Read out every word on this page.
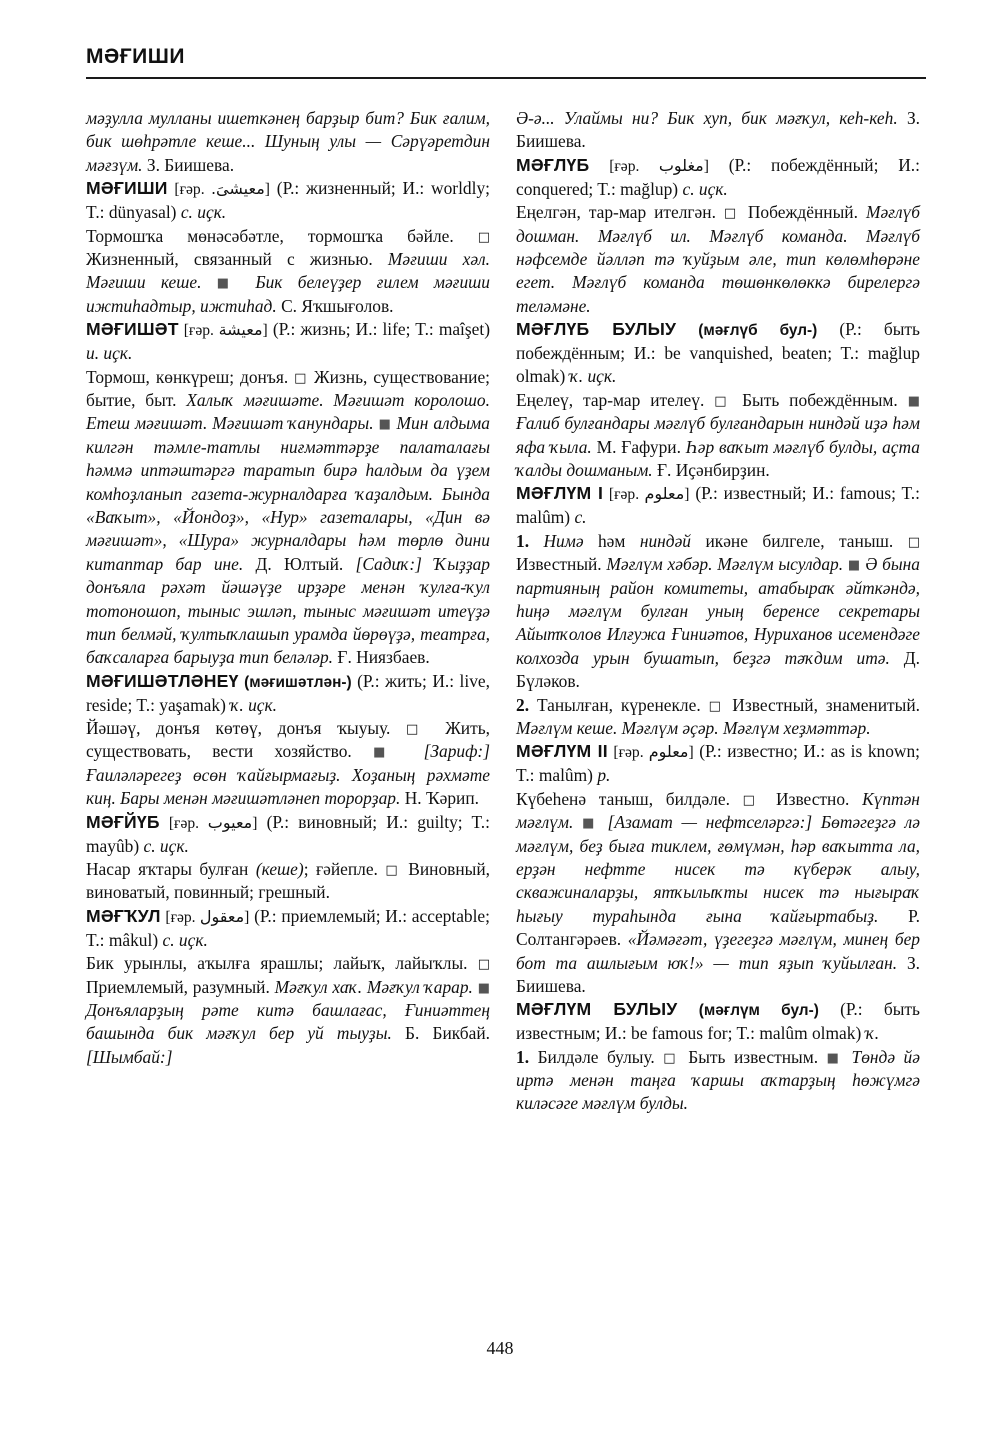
МӘҒИШИ

мәҙулла мулланы ишеткәнең барҙыр бит? Бик ғалим, бик шөһрәтле кеше... Шуның улы — Сәрүәретдин мәғзүм. З. Биишева.

МӘҒИШИ [ғәр. معيشىَ.] (Р.: жизненный; И.: worldly; T.: dünyasal) с. иҫк.

Тормошҡа мөнәсәбәтле, тормошҡа бәйле. □ Жизненный, связанный с жизнью. Мәғиши хәл. Мәғиши кеше. ■ Бик белеүҙер ғилем мәғиши ижтиһадтыр, ижтиһад. С. Яҡшығолов.

МӘҒИШӘТ [ғәр. معيشة] (Р.: жизнь; И.: life; T.: maîşet) и. иҫк.

Тормош, көнкүреш; донъя. □ Жизнь, существование; бытие, быт. Халыҡ мәғишәте. Мәғишәт королошо. Етеш мәғишәт. Мәғишәт ҡанундары. ■ Мин алдыма килгән тәмле-татлы ниғмәттәрҙе палаталағы һәммә иптәштәргә таратып бирә һалдым да үҙем комһоҙланып газета-журналдарға ҡаҙалдым. Бында «Ваҡыт», «Йондоҙ», «Нур» газеталары, «Дин вә мәғишәт», «Шура» журналдары һәм төрлө дини китаптар бар ине. Д. Юлтый. [Садиҡ:] Ҡыҙҙар донъяла рәхәт йәшәүҙе ирҙәре менән ҡулға-ҡул тотоношоп, тыныс эшләп, тыныс мәғишәт итеүҙә тип белмәй, ҡултыҡлашып урамда йөрөүҙә, театрға, баҡсаларға барыуҙа тип беләләр. Ғ. Ниязбаев.

МӘҒИШӘТЛӘНЕҮ (мәғишәтлән-) (Р.: жить; И.: live, reside; T.: yaşamak) ҡ. иҫк.

Йәшәү, донъя көтөү, донъя ҡыуыу. □ Жить, существовать, вести хозяйство. ■ [Зариф:] Ғаиләләрегеҙ өсөн ҡайғырмағыҙ. Хоҙаның рәхмәте киң. Бары менән мәғишәтләнеп торорҙар. Н. Ҡәрип.

МӘҒЙҮБ [ғәр. معيوب] (Р.: виновный; И.: guilty; T.: mayûb) с. иҫк.

Насар яҡтары булған (кеше); ғәйепле. □ Виновный, виноватый, повинный; грешный.

МӘҒҠУЛ [ғәр. معقول] (Р.: приемлемый; И.: acceptable; T.: mâkul) с. иҫк.

Бик урынлы, аҡылға ярашлы; лайыҡ, лайыҡлы. □ Приемлемый, разумный. Мәғҡул хаҡ. Мәғҡул ҡарар. ■ Донъяларҙың рәте китә башлағас, Ғиниәттең башында бик мәғҡул бер уй тыуҙы. Б. Бикбай. [Шымбай:]

Ә-ә... Улаймы ни? Бик хуп, бик мәғҡул, кеһ-кеһ. З. Биишева.

МӘҒЛҮБ [ғәр. مغلوب] (Р.: побеждённый; И.: conquered; T.: mağlup) с. иҫк.

Еңелгән, тар-мар ителгән. □ Побеждённый. Мәғлүб дошман. Мәғлүб ил. Мәғлүб команда. Мәғлүб нәфсемде йәлләп тә ҡуйҙым әле, тип көлөмһөрәне егет. Мәғлүб команда төшөнкөлөккә бирелергә теләмәне.

МӘҒЛҮБ БУЛЫУ (мәғлүб бул-) (Р.: быть побеждённым; И.: be vanquished, beaten; T.: mağlup olmak) ҡ. иҫк.

Еңелеү, тар-мар ителеү. □ Быть побеждённым. ■ Ғалиб булғандары мәғлүб булғандарын ниндәй иҙә һәм яфа ҡыла. М. Ғафури. Һәр ваҡыт мәғлүб булды, аҫта ҡалды дошманым. Ғ. Иҫәнбирҙин.

МӘҒЛҮМ I [ғәр. معلوم] (Р.: известный; И.: famous; T.: malûm) с.

1. Нимә һәм ниндәй икәне билгеле, таныш. □ Известный. Мәғлүм хәбәр. Мәғлүм ысулдар. ■ Ә бына партияның район комитеты, атабыраҡ әйткәндә, һиңә мәғлүм булған уның беренсе секретары Айытҡолов Илғужа Ғиниәтов, Нуриханов исемендәге колхозда урын бушатып, беҙгә тәҡдим итә. Д. Бүләков.

2. Танылған, күренекле. □ Известный, знаменитый. Мәғлүм кеше. Мәғлүм әҫәр. Мәғлүм хеҙмәттәр.

МӘҒЛҮМ II [ғәр. معلوم] (Р.: известно; И.: as is known; T.: malûm) р.

Күбеһенә таныш, билдәле. □ Известно. Күптән мәғлүм. ■ [Азамат — нефтселәргә:] Бөтәгеҙгә лә мәғлүм, беҙ быға тиклем, ғөмүмән, һәр ваҡытта ла, ерҙән нефтте нисек тә күберәк алыу, скважиналарҙы, ятҡылыҡты нисек тә нығыраҡ һығыу тураһында ғына ҡайғыртабыҙ. Р. Солтангәрәев. «Йәмәғәт, үҙегеҙгә мәғлүм, минең бер бот та ашлығым юҡ!» — тип яҙып ҡуйылған. З. Биишева.

МӘҒЛҮМ БУЛЫУ (мәғлүм бул-) (Р.: быть известным; И.: be famous for; T.: malûm olmak) ҡ.

1. Билдәле булыу. □ Быть известным. ■ Төндә йә иртә менән таңға ҡаршы аҡтарҙың һөжүмгә киләсәге мәғлүм булды.

448
